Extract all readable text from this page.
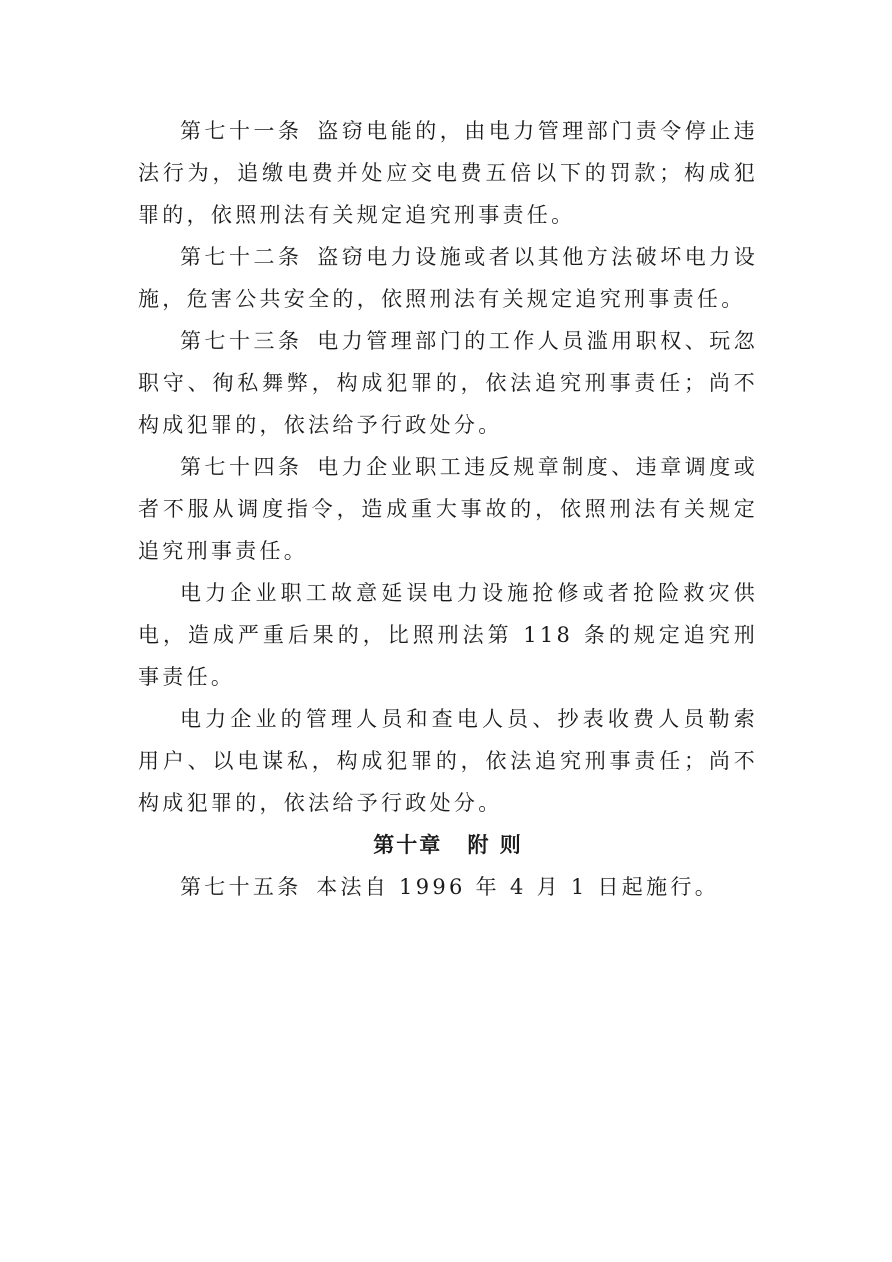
第七十一条 盗窃电能的，由电力管理部门责令停止违法行为，追缴电费并处应交电费五倍以下的罚款；构成犯罪的，依照刑法有关规定追究刑事责任。

第七十二条 盗窃电力设施或者以其他方法破坏电力设施，危害公共安全的，依照刑法有关规定追究刑事责任。

第七十三条 电力管理部门的工作人员滥用职权、玩忽职守、徇私舞弊，构成犯罪的，依法追究刑事责任；尚不构成犯罪的，依法给予行政处分。

第七十四条 电力企业职工违反规章制度、违章调度或者不服从调度指令，造成重大事故的，依照刑法有关规定追究刑事责任。

电力企业职工故意延误电力设施抢修或者抢险救灾供电，造成严重后果的，比照刑法第 118 条的规定追究刑事责任。

电力企业的管理人员和查电人员、抄表收费人员勒索用户、以电谋私，构成犯罪的，依法追究刑事责任；尚不构成犯罪的，依法给予行政处分。

第十章 附 则

第七十五条 本法自 1996 年 4 月 1 日起施行。
